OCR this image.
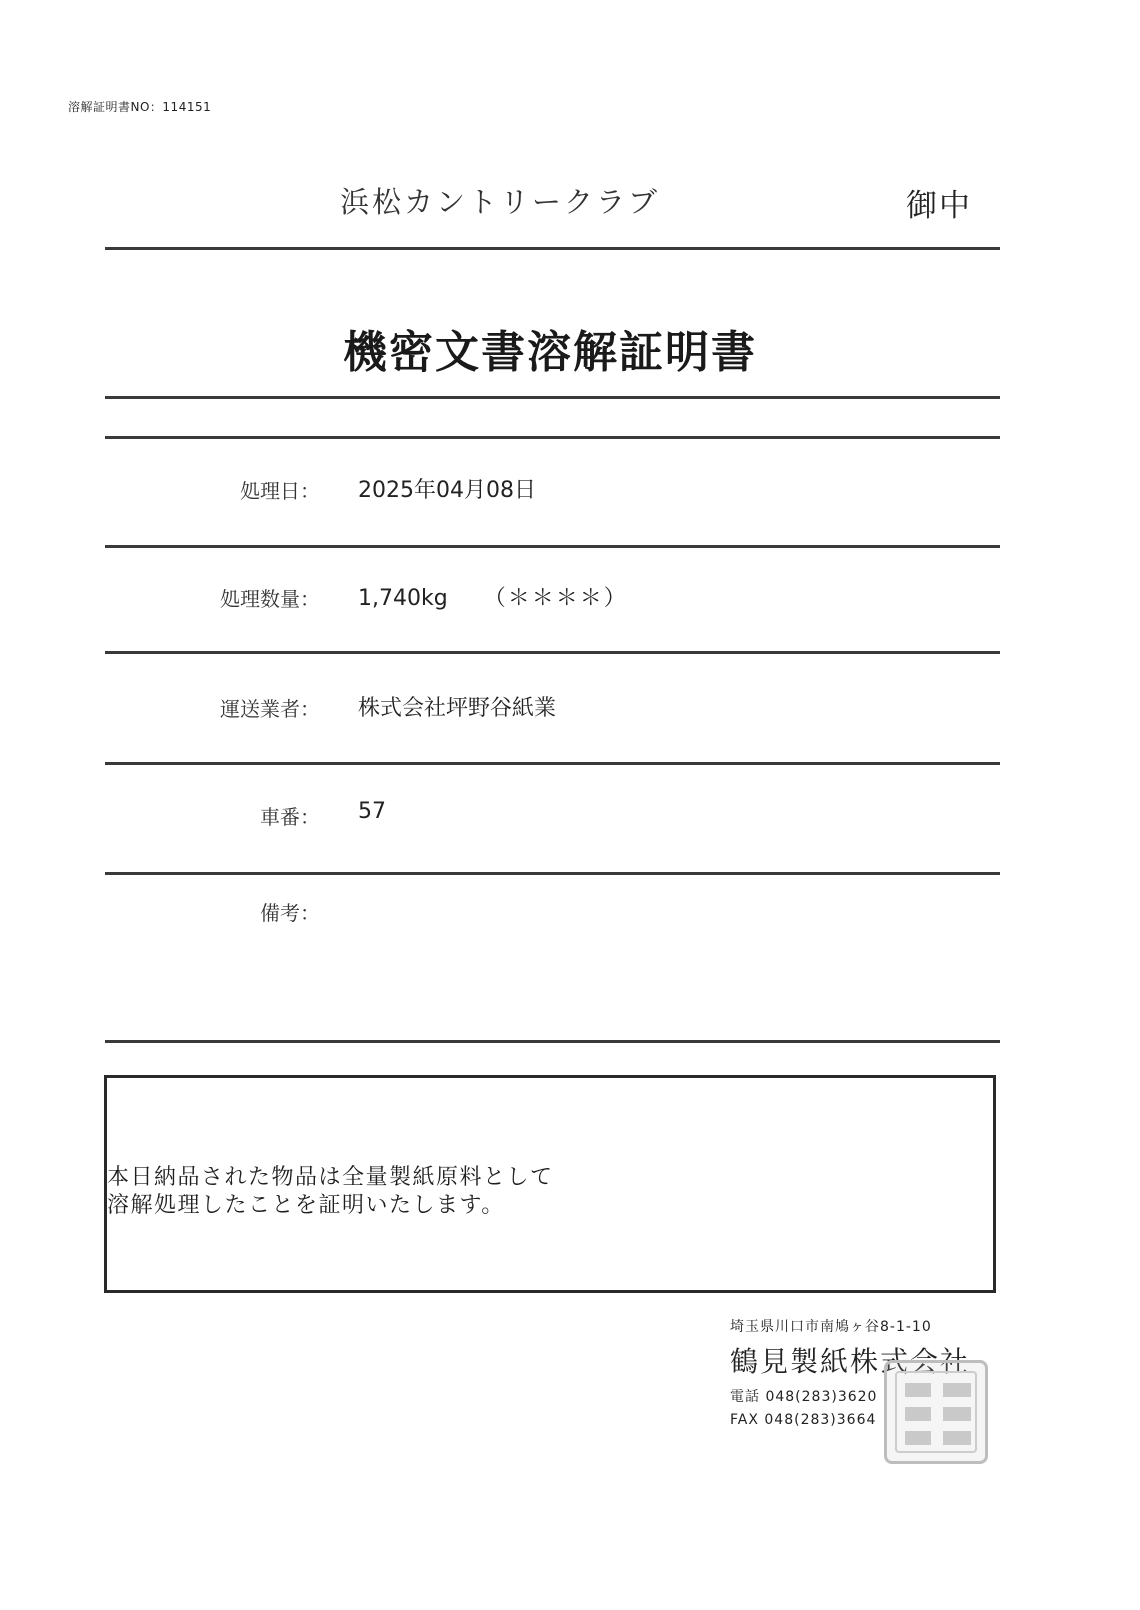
溶解証明書NO：114151
浜松カントリークラブ	御中
機密文書溶解証明書
処理日： 2025年04月08日
処理数量： 1,740kg （＊＊＊＊）
運送業者： 株式会社坪野谷紙業
車番： 57
備考：
本日納品された物品は全量製紙原料として
溶解処理したことを証明いたします。
埼玉県川口市南鳩ヶ谷8-1-10
鶴見製紙株式会社
電話 048(283)3620
FAX 048(283)3664
